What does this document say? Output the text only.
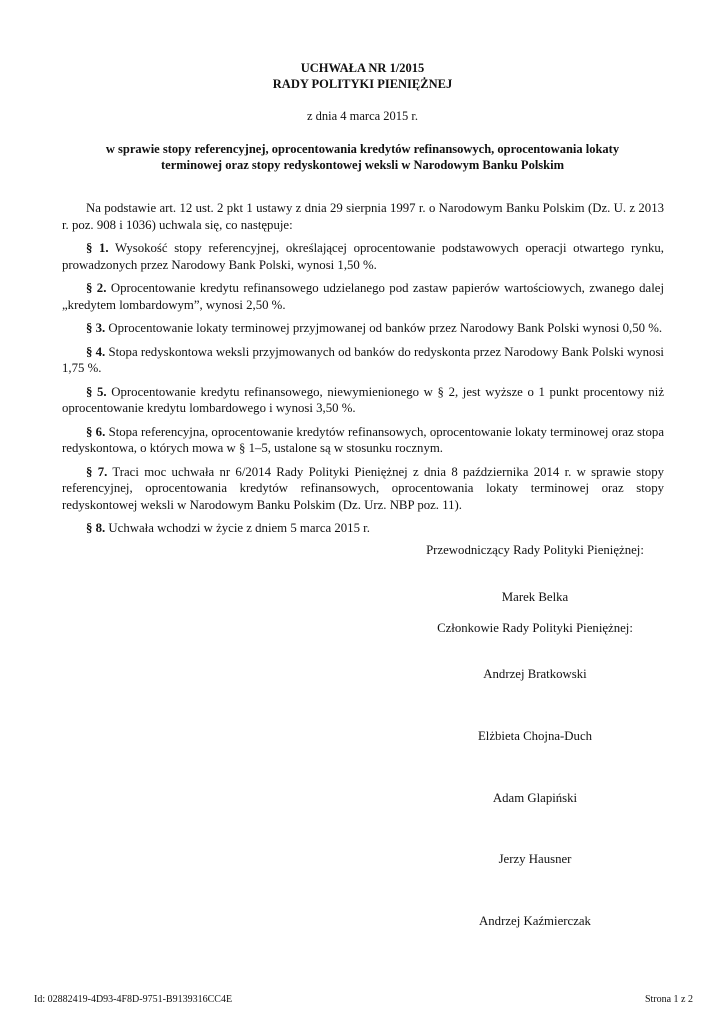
UCHWAŁA NR 1/2015
RADY POLITYKI PIENIĘŻNEJ
z dnia 4 marca 2015 r.
w sprawie stopy referencyjnej, oprocentowania kredytów refinansowych, oprocentowania lokaty
terminowej oraz stopy redyskontowej weksli w Narodowym Banku Polskim

Na podstawie art. 12 ust. 2 pkt 1 ustawy z dnia 29 sierpnia 1997 r. o Narodowym Banku Polskim (Dz. U. z 2013 r. poz. 908 i 1036) uchwala się, co następuje:

§ 1. Wysokość stopy referencyjnej, określającej oprocentowanie podstawowych operacji otwartego rynku, prowadzonych przez Narodowy Bank Polski, wynosi 1,50 %.

§ 2. Oprocentowanie kredytu refinansowego udzielanego pod zastaw papierów wartościowych, zwanego dalej „kredytem lombardowym”, wynosi 2,50 %.

§ 3. Oprocentowanie lokaty terminowej przyjmowanej od banków przez Narodowy Bank Polski wynosi 0,50 %.

§ 4. Stopa redyskontowa weksli przyjmowanych od banków do redyskonta przez Narodowy Bank Polski wynosi 1,75 %.

§ 5. Oprocentowanie kredytu refinansowego, niewymienionego w § 2, jest wyższe o 1 punkt procentowy niż oprocentowanie kredytu lombardowego i wynosi 3,50 %.

§ 6. Stopa referencyjna, oprocentowanie kredytów refinansowych, oprocentowanie lokaty terminowej oraz stopa redyskontowa, o których mowa w § 1–5, ustalone są w stosunku rocznym.

§ 7. Traci moc uchwała nr 6/2014 Rady Polityki Pieniężnej z dnia 8 października 2014 r. w sprawie stopy referencyjnej, oprocentowania kredytów refinansowych, oprocentowania lokaty terminowej oraz stopy redyskontowej weksli w Narodowym Banku Polskim (Dz. Urz. NBP poz. 11).

§ 8. Uchwała wchodzi w życie z dniem 5 marca 2015 r.

Przewodniczący Rady Polityki Pieniężnej:
Marek Belka
Członkowie Rady Polityki Pieniężnej:
Andrzej Bratkowski
Elżbieta Chojna-Duch
Adam Glapiński
Jerzy Hausner
Andrzej Kaźmierczak
Id: 02882419-4D93-4F8D-9751-B9139316CC4E	Strona 1 z 2
